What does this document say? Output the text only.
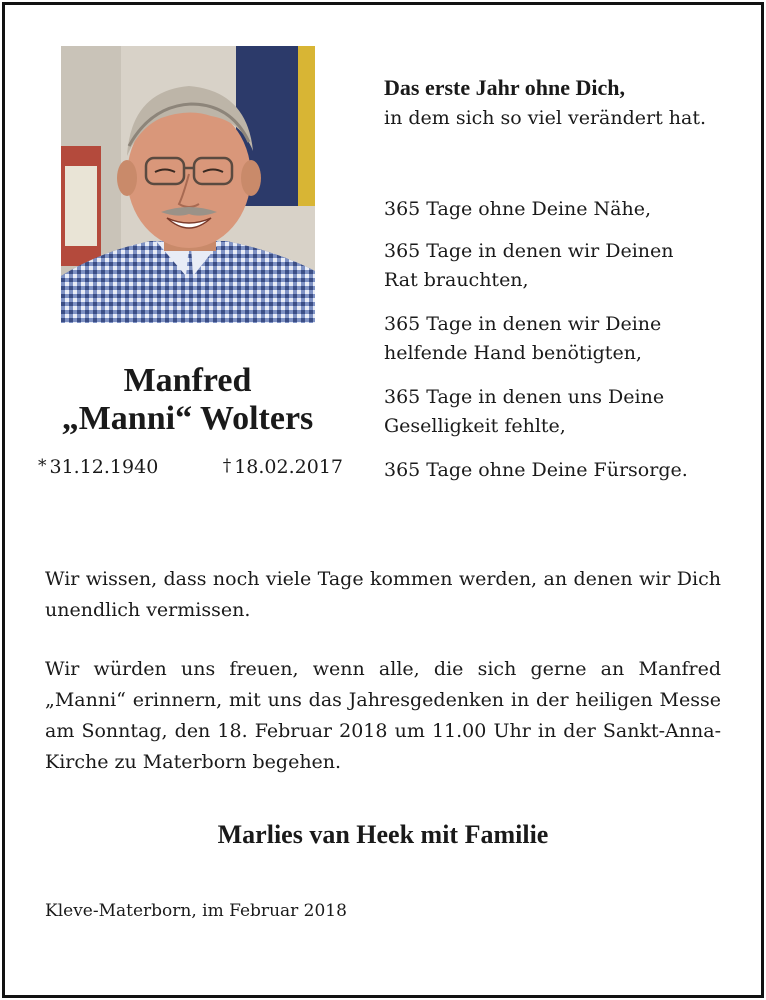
Manfred
„Manni“ Wolters
* 31.12.1940	† 18.02.2017
Das erste Jahr ohne Dich,
in dem sich so viel verändert hat.
365 Tage ohne Deine Nähe,
365 Tage in denen wir Deinen
Rat brauchten,
365 Tage in denen wir Deine
helfende Hand benötigten,
365 Tage in denen uns Deine
Geselligkeit fehlte,
365 Tage ohne Deine Fürsorge.
Wir wissen, dass noch viele Tage kommen werden, an denen wir Dich unendlich vermissen.
Wir würden uns freuen, wenn alle, die sich gerne an Manfred „Manni“ erinnern, mit uns das Jahresgedenken in der heiligen Messe am Sonntag, den 18. Februar 2018 um 11.00 Uhr in der Sankt-Anna-Kirche zu Materborn begehen.
Marlies van Heek mit Familie
Kleve-Materborn, im Februar 2018
